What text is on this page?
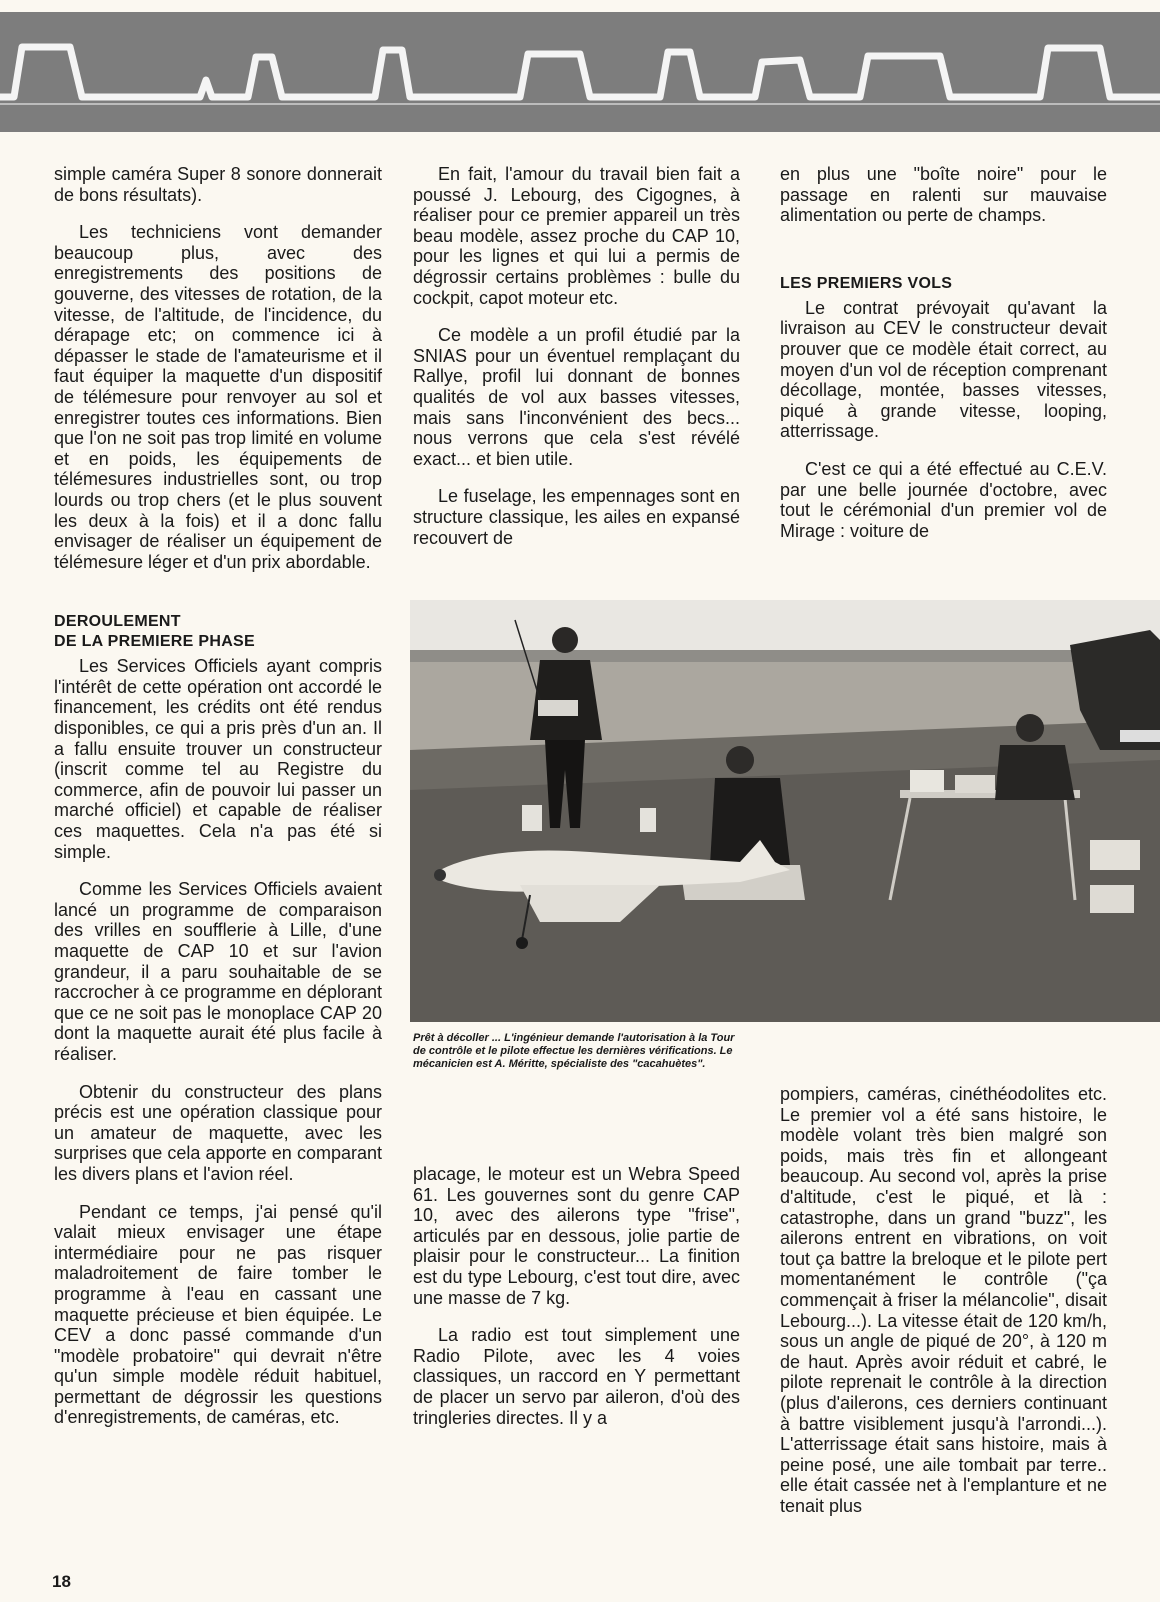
simple caméra Super 8 sonore donnerait de bons résultats).

Les techniciens vont demander beaucoup plus, avec des enregistrements des positions de gouverne, des vitesses de rotation, de la vitesse, de l'altitude, de l'incidence, du dérapage etc; on commence ici à dépasser le stade de l'amateurisme et il faut équiper la maquette d'un dispositif de télémesure pour renvoyer au sol et enregistrer toutes ces informations. Bien que l'on ne soit pas trop limité en volume et en poids, les équipements de télémesures industrielles sont, ou trop lourds ou trop chers (et le plus souvent les deux à la fois) et il a donc fallu envisager de réaliser un équipement de télémesure léger et d'un prix abordable.

DEROULEMENT
DE LA PREMIERE PHASE

Les Services Officiels ayant compris l'intérêt de cette opération ont accordé le financement, les crédits ont été rendus disponibles, ce qui a pris près d'un an. Il a fallu ensuite trouver un constructeur (inscrit comme tel au Registre du commerce, afin de pouvoir lui passer un marché officiel) et capable de réaliser ces maquettes. Cela n'a pas été si simple.

Comme les Services Officiels avaient lancé un programme de comparaison des vrilles en soufflerie à Lille, d'une maquette de CAP 10 et sur l'avion grandeur, il a paru souhaitable de se raccrocher à ce programme en déplorant que ce ne soit pas le monoplace CAP 20 dont la maquette aurait été plus facile à réaliser.

Obtenir du constructeur des plans précis est une opération classique pour un amateur de maquette, avec les surprises que cela apporte en comparant les divers plans et l'avion réel.

Pendant ce temps, j'ai pensé qu'il valait mieux envisager une étape intermédiaire pour ne pas risquer maladroitement de faire tomber le programme à l'eau en cassant une maquette précieuse et bien équipée. Le CEV a donc passé commande d'un "modèle probatoire" qui devrait n'être qu'un simple modèle réduit habituel, permettant de dégrossir les questions d'enregistrements, de caméras, etc.

En fait, l'amour du travail bien fait a poussé J. Lebourg, des Cigognes, à réaliser pour ce premier appareil un très beau modèle, assez proche du CAP 10, pour les lignes et qui lui a permis de dégrossir certains problèmes : bulle du cockpit, capot moteur etc.

Ce modèle a un profil étudié par la SNIAS pour un éventuel remplaçant du Rallye, profil lui donnant de bonnes qualités de vol aux basses vitesses, mais sans l'inconvénient des becs... nous verrons que cela s'est révélé exact... et bien utile.

Le fuselage, les empennages sont en structure classique, les ailes en expansé recouvert de

en plus une "boîte noire" pour le passage en ralenti sur mauvaise alimentation ou perte de champs.

LES PREMIERS VOLS

Le contrat prévoyait qu'avant la livraison au CEV le constructeur devait prouver que ce modèle était correct, au moyen d'un vol de réception comprenant décollage, montée, basses vitesses, piqué à grande vitesse, looping, atterrissage.

C'est ce qui a été effectué au C.E.V. par une belle journée d'octobre, avec tout le cérémonial d'un premier vol de Mirage : voiture de

Prêt à décoller ... L'ingénieur demande l'autorisation à la Tour de contrôle et le pilote effectue les dernières vérifications. Le mécanicien est A. Méritte, spécialiste des "cacahuètes".

placage, le moteur est un Webra Speed 61. Les gouvernes sont du genre CAP 10, avec des ailerons type "frise", articulés par en dessous, jolie partie de plaisir pour le constructeur... La finition est du type Lebourg, c'est tout dire, avec une masse de 7 kg.

La radio est tout simplement une Radio Pilote, avec les 4 voies classiques, un raccord en Y permettant de placer un servo par aileron, d'où des tringleries directes. Il y a

pompiers, caméras, cinéthéodolites etc. Le premier vol a été sans histoire, le modèle volant très bien malgré son poids, mais très fin et allongeant beaucoup. Au second vol, après la prise d'altitude, c'est le piqué, et là : catastrophe, dans un grand "buzz", les ailerons entrent en vibrations, on voit tout ça battre la breloque et le pilote pert momentanément le contrôle ("ça commençait à friser la mélancolie", disait Lebourg...). La vitesse était de 120 km/h, sous un angle de piqué de 20°, à 120 m de haut. Après avoir réduit et cabré, le pilote reprenait le contrôle à la direction (plus d'ailerons, ces derniers continuant à battre visiblement jusqu'à l'arrondi...). L'atterrissage était sans histoire, mais à peine posé, une aile tombait par terre.. elle était cassée net à l'emplanture et ne tenait plus

18
